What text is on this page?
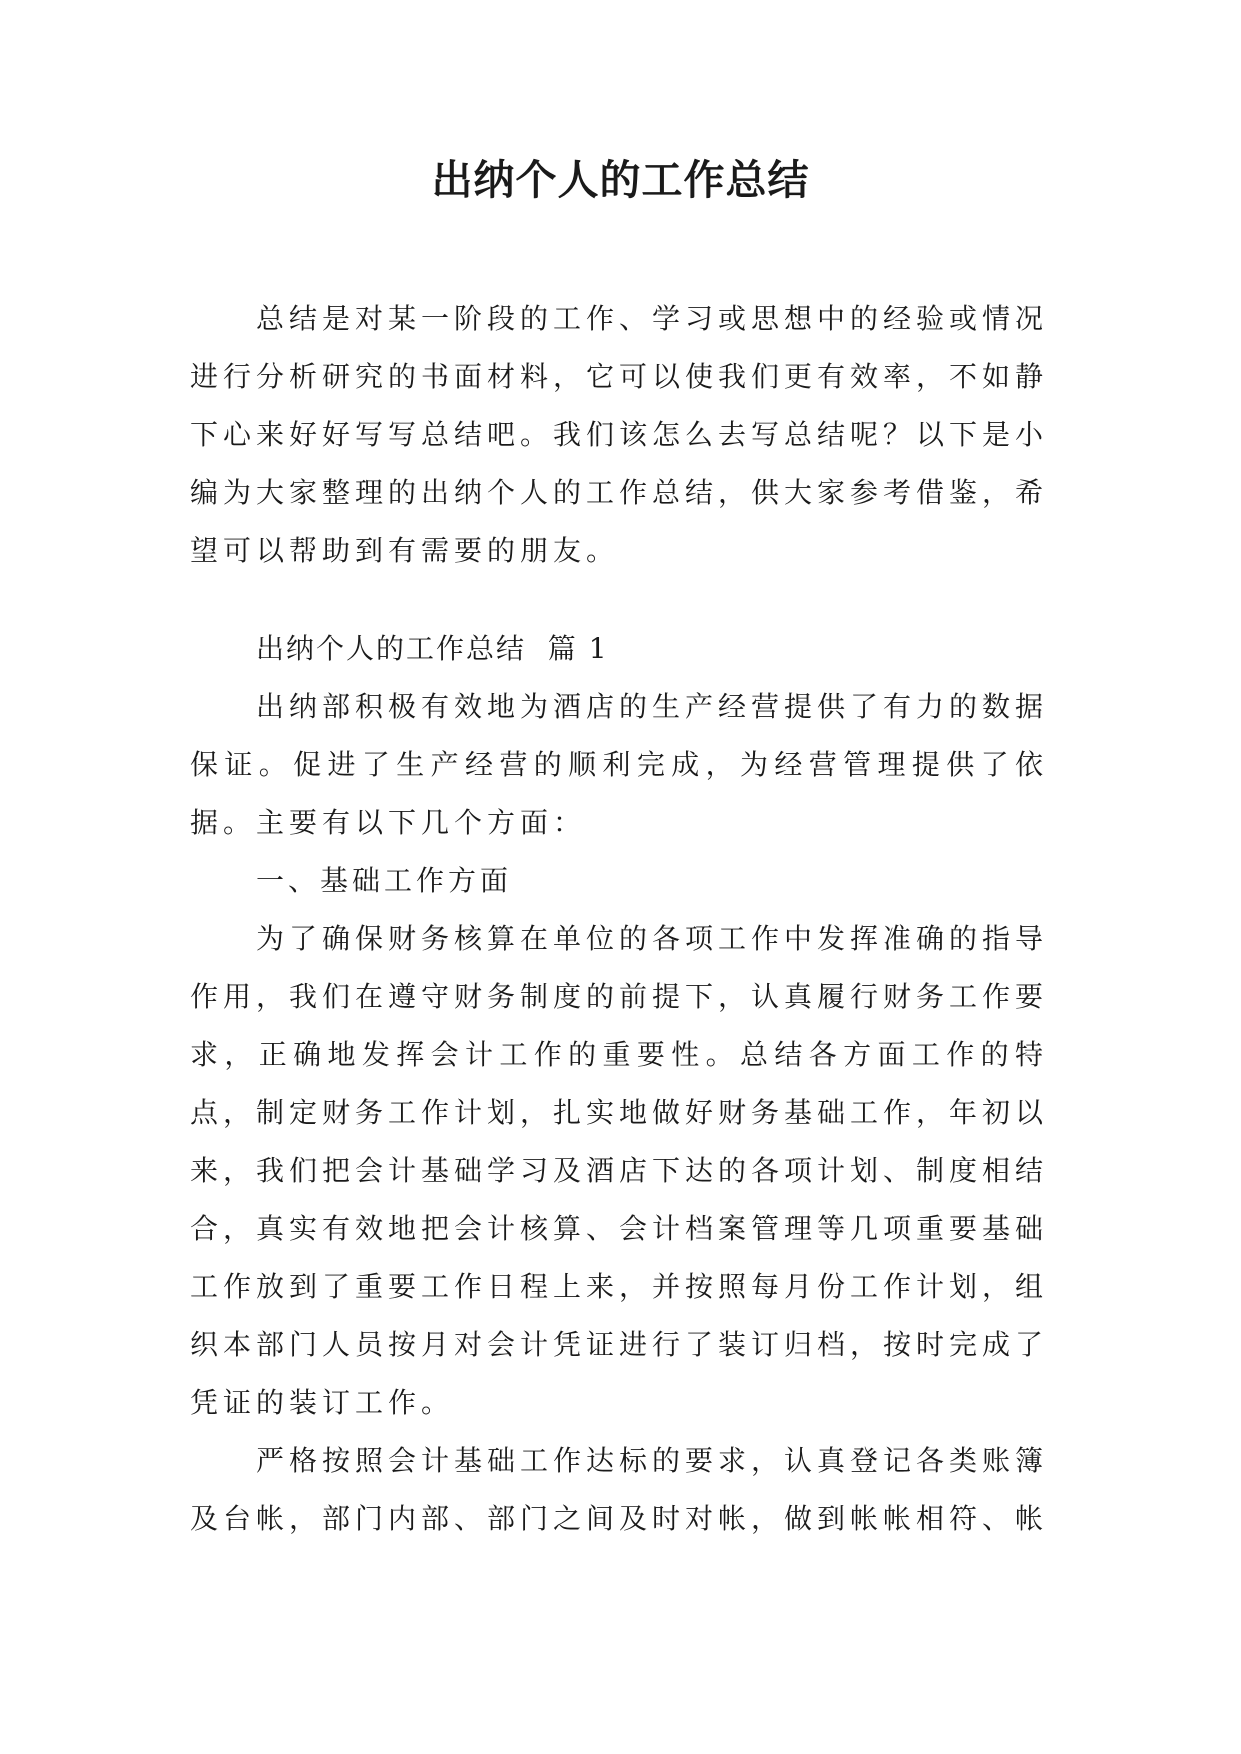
出纳个人的工作总结

总结是对某一阶段的工作、学习或思想中的经验或情况进行分析研究的书面材料，它可以使我们更有效率，不如静下心来好好写写总结吧。我们该怎么去写总结呢？以下是小编为大家整理的出纳个人的工作总结，供大家参考借鉴，希望可以帮助到有需要的朋友。

出纳个人的工作总结  篇 1

出纳部积极有效地为酒店的生产经营提供了有力的数据保证。促进了生产经营的顺利完成，为经营管理提供了依据。主要有以下几个方面：

一、基础工作方面

为了确保财务核算在单位的各项工作中发挥准确的指导作用，我们在遵守财务制度的前提下，认真履行财务工作要求，正确地发挥会计工作的重要性。总结各方面工作的特点，制定财务工作计划，扎实地做好财务基础工作，年初以来，我们把会计基础学习及酒店下达的各项计划、制度相结合，真实有效地把会计核算、会计档案管理等几项重要基础工作放到了重要工作日程上来，并按照每月份工作计划，组织本部门人员按月对会计凭证进行了装订归档，按时完成了凭证的装订工作。

严格按照会计基础工作达标的要求，认真登记各类账簿及台帐，部门内部、部门之间及时对帐，做到帐帐相符、帐
